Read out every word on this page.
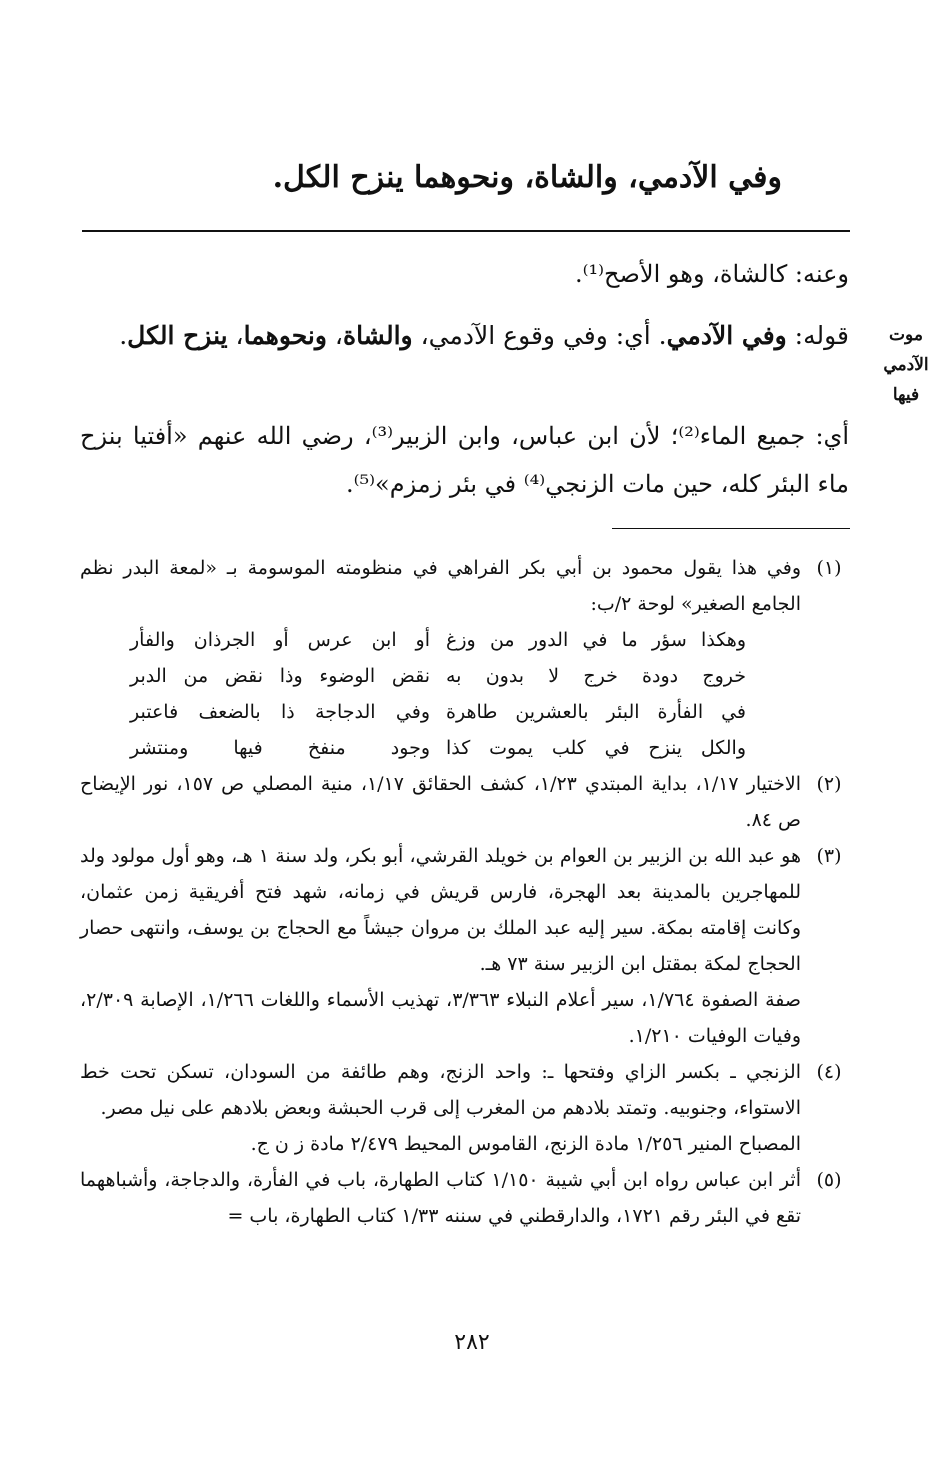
وفي الآدمي، والشاة، ونحوهما ينزح الكل.
موت
الآدمي
فيها
وعنه: كالشاة، وهو الأصح⁽¹⁾.
قوله: وفي الآدمي. أي: وفي وقوع الآدمي، والشاة، ونحوهما، ينزح الكل.
أي: جميع الماء⁽²⁾؛ لأن ابن عباس، وابن الزبير⁽³⁾، رضي الله عنهم «أفتيا بنزح ماء البئر كله، حين مات الزنجي⁽⁴⁾ في بئر زمزم»⁽⁵⁾.
(١)

وفي هذا يقول محمود بن أبي بكر الفراهي في منظومته الموسومة بـ «لمعة البدر نظم الجامع الصغير» لوحة ٢/ب:

وهكذا سؤر ما في الدور من وزغ
أو ابن عرس أو الجرذان والفأر
خروج دودة خرج لا بدون به
نقض الوضوء وذا نقض من الدبر
في الفأرة البئر بالعشرين طاهرة
وفي الدجاجة ذا بالضعف فاعتبر
والكل ينزح في كلب يموت كذا
وجود منفخ فيها ومنتشر
(٢)

الاختيار ١/١٧، بداية المبتدي ١/٢٣، كشف الحقائق ١/١٧، منية المصلي ص ١٥٧، نور الإيضاح ص ٨٤.

(٣)

هو عبد الله بن الزبير بن العوام بن خويلد القرشي، أبو بكر، ولد سنة ١ هـ، وهو أول مولود ولد للمهاجرين بالمدينة بعد الهجرة، فارس قريش في زمانه، شهد فتح أفريقية زمن عثمان، وكانت إقامته بمكة. سير إليه عبد الملك بن مروان جيشاً مع الحجاج بن يوسف، وانتهى حصار الحجاج لمكة بمقتل ابن الزبير سنة ٧٣ هـ.

صفة الصفوة ١/٧٦٤، سير أعلام النبلاء ٣/٣٦٣، تهذيب الأسماء واللغات ١/٢٦٦، الإصابة ٢/٣٠٩، وفيات الوفيات ١/٢١٠.

(٤)

الزنجي ـ بكسر الزاي وفتحها ـ: واحد الزنج، وهم طائفة من السودان، تسكن تحت خط الاستواء، وجنوبيه. وتمتد بلادهم من المغرب إلى قرب الحبشة وبعض بلادهم على نيل مصر.

المصباح المنير ١/٢٥٦ مادة الزنج، القاموس المحيط ٢/٤٧٩ مادة ز ن ج.

(٥)

أثر ابن عباس رواه ابن أبي شيبة ١/١٥٠ كتاب الطهارة، باب في الفأرة، والدجاجة، وأشباههما تقع في البئر رقم ١٧٢١، والدارقطني في سننه ١/٣٣ كتاب الطهارة، باب =

٢٨٢
